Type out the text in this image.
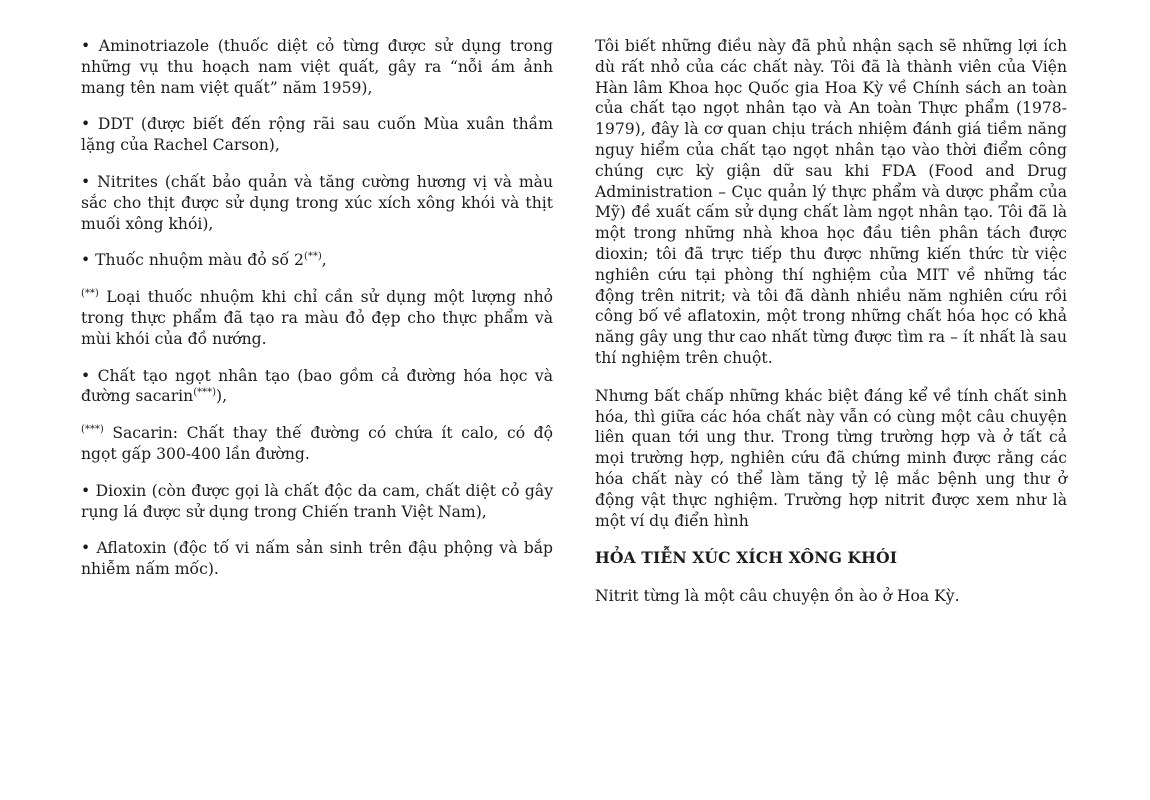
• Aminotriazole (thuốc diệt cỏ từng được sử dụng trong những vụ thu hoạch nam việt quất, gây ra “nỗi ám ảnh mang tên nam việt quất” năm 1959),

• DDT (được biết đến rộng rãi sau cuốn Mùa xuân thầm lặng của Rachel Carson),

• Nitrites (chất bảo quản và tăng cường hương vị và màu sắc cho thịt được sử dụng trong xúc xích xông khói và thịt muối xông khói),

• Thuốc nhuộm màu đỏ số 2(**),

(**) Loại thuốc nhuộm khi chỉ cần sử dụng một lượng nhỏ trong thực phẩm đã tạo ra màu đỏ đẹp cho thực phẩm và mùi khói của đồ nướng.

• Chất tạo ngọt nhân tạo (bao gồm cả đường hóa học và đường sacarin(***)),

(***) Sacarin: Chất thay thế đường có chứa ít calo, có độ ngọt gấp 300-400 lần đường.

• Dioxin (còn được gọi là chất độc da cam, chất diệt cỏ gây rụng lá được sử dụng trong Chiến tranh Việt Nam),

• Aflatoxin (độc tố vi nấm sản sinh trên đậu phộng và bắp nhiễm nấm mốc).

Tôi biết những điều này đã phủ nhận sạch sẽ những lợi ích dù rất nhỏ của các chất này. Tôi đã là thành viên của Viện Hàn lâm Khoa học Quốc gia Hoa Kỳ về Chính sách an toàn của chất tạo ngọt nhân tạo và An toàn Thực phẩm (1978-1979), đây là cơ quan chịu trách nhiệm đánh giá tiềm năng nguy hiểm của chất tạo ngọt nhân tạo vào thời điểm công chúng cực kỳ giận dữ sau khi FDA (Food and Drug Administration – Cục quản lý thực phẩm và dược phẩm của Mỹ) đề xuất cấm sử dụng chất làm ngọt nhân tạo. Tôi đã là một trong những nhà khoa học đầu tiên phân tách được dioxin; tôi đã trực tiếp thu được những kiến thức từ việc nghiên cứu tại phòng thí nghiệm của MIT về những tác động trên nitrit; và tôi đã dành nhiều năm nghiên cứu rồi công bố về aflatoxin, một trong những chất hóa học có khả năng gây ung thư cao nhất từng được tìm ra – ít nhất là sau thí nghiệm trên chuột.

Nhưng bất chấp những khác biệt đáng kể về tính chất sinh hóa, thì giữa các hóa chất này vẫn có cùng một câu chuyện liên quan tới ung thư. Trong từng trường hợp và ở tất cả mọi trường hợp, nghiên cứu đã chứng minh được rằng các hóa chất này có thể làm tăng tỷ lệ mắc bệnh ung thư ở động vật thực nghiệm. Trường hợp nitrit được xem như là một ví dụ điển hình

HỎA TIỄN XÚC XÍCH XÔNG KHÓI

Nitrit từng là một câu chuyện ồn ào ở Hoa Kỳ.
